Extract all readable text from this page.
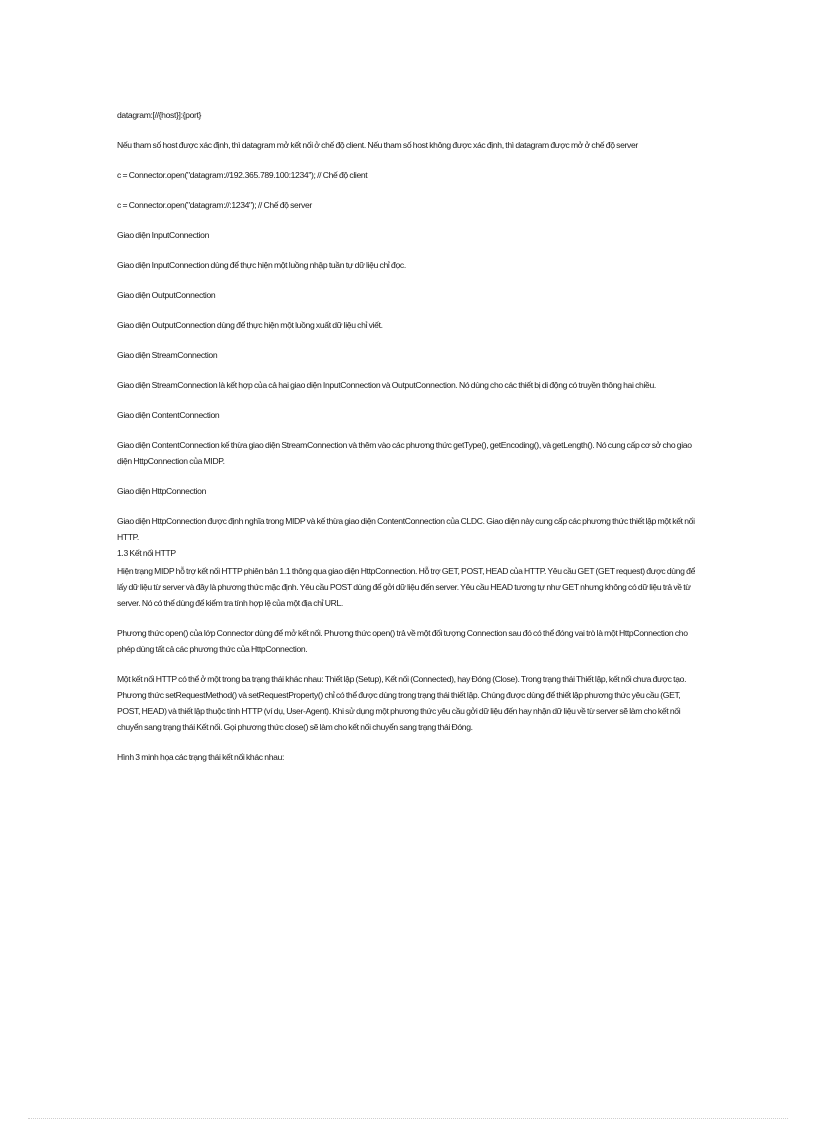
datagram:[//{host}]:{port}

Nếu tham số host được xác định, thì datagram mở kết nối ở chế độ client. Nếu tham số host không được xác định, thì datagram được mở ở chế độ server

c = Connector.open("datagram://192.365.789.100:1234"); // Chế độ client

c = Connector.open("datagram://:1234"); // Chế độ server

Giao diện InputConnection

Giao diện InputConnection dùng để thực hiện một luồng nhập tuần tự dữ liệu chỉ đọc.

Giao diện OutputConnection

Giao diện OutputConnection dùng để thực hiện một luồng xuất dữ liệu chỉ viết.

Giao diện StreamConnection

Giao diện StreamConnection là kết hợp của cả hai giao diện InputConnection và OutputConnection. Nó dùng cho các thiết bị di động có truyền thông hai chiều.

Giao diện ContentConnection

Giao diện ContentConnection kế thừa giao diện StreamConnection và thêm vào các phương thức getType(), getEncoding(), và getLength(). Nó cung cấp cơ sở cho giao diện HttpConnection của MIDP.

Giao diện HttpConnection

Giao diện HttpConnection được định nghĩa trong MIDP và kế thừa giao diện ContentConnection của CLDC. Giao diện này cung cấp các phương thức thiết lập một kết nối HTTP.

1.3 Kết nối HTTP

Hiện trạng MIDP hỗ trợ kết nối HTTP phiên bản 1.1 thông qua giao diện HttpConnection. Hỗ trợ GET, POST, HEAD của HTTP. Yêu cầu GET (GET request) được dùng để lấy dữ liệu từ server và đây là phương thức mặc định. Yêu cầu POST dùng để gởi dữ liệu đến server. Yêu cầu HEAD tương tự như GET nhưng không có dữ liệu trả về từ server. Nó có thể dùng để kiểm tra tính hợp lệ của một địa chỉ URL.

Phương thức open() của lớp Connector dùng để mở kết nối. Phương thức open() trả về một đối tượng Connection sau đó có thể đóng vai trò là một HttpConnection cho phép dùng tất cả các phương thức của HttpConnection.

Một kết nối HTTP có thể ở một trong ba trạng thái khác nhau: Thiết lập (Setup), Kết nối (Connected), hay Đóng (Close). Trong trạng thái Thiết lập, kết nối chưa được tạo. Phương thức setRequestMethod() và setRequestProperty() chỉ có thể được dùng trong trạng thái thiết lập. Chúng được dùng để thiết lập phương thức yêu cầu (GET, POST, HEAD) và thiết lập thuộc tính HTTP (ví dụ, User-Agent). Khi sử dụng một phương thức yêu cầu gởi dữ liệu đến hay nhận dữ liệu về từ server sẽ làm cho kết nối chuyển sang trạng thái Kết nối. Gọi phương thức close() sẽ làm cho kết nối chuyển sang trạng thái Đóng.

Hình 3 minh họa các trạng thái kết nối khác nhau:
